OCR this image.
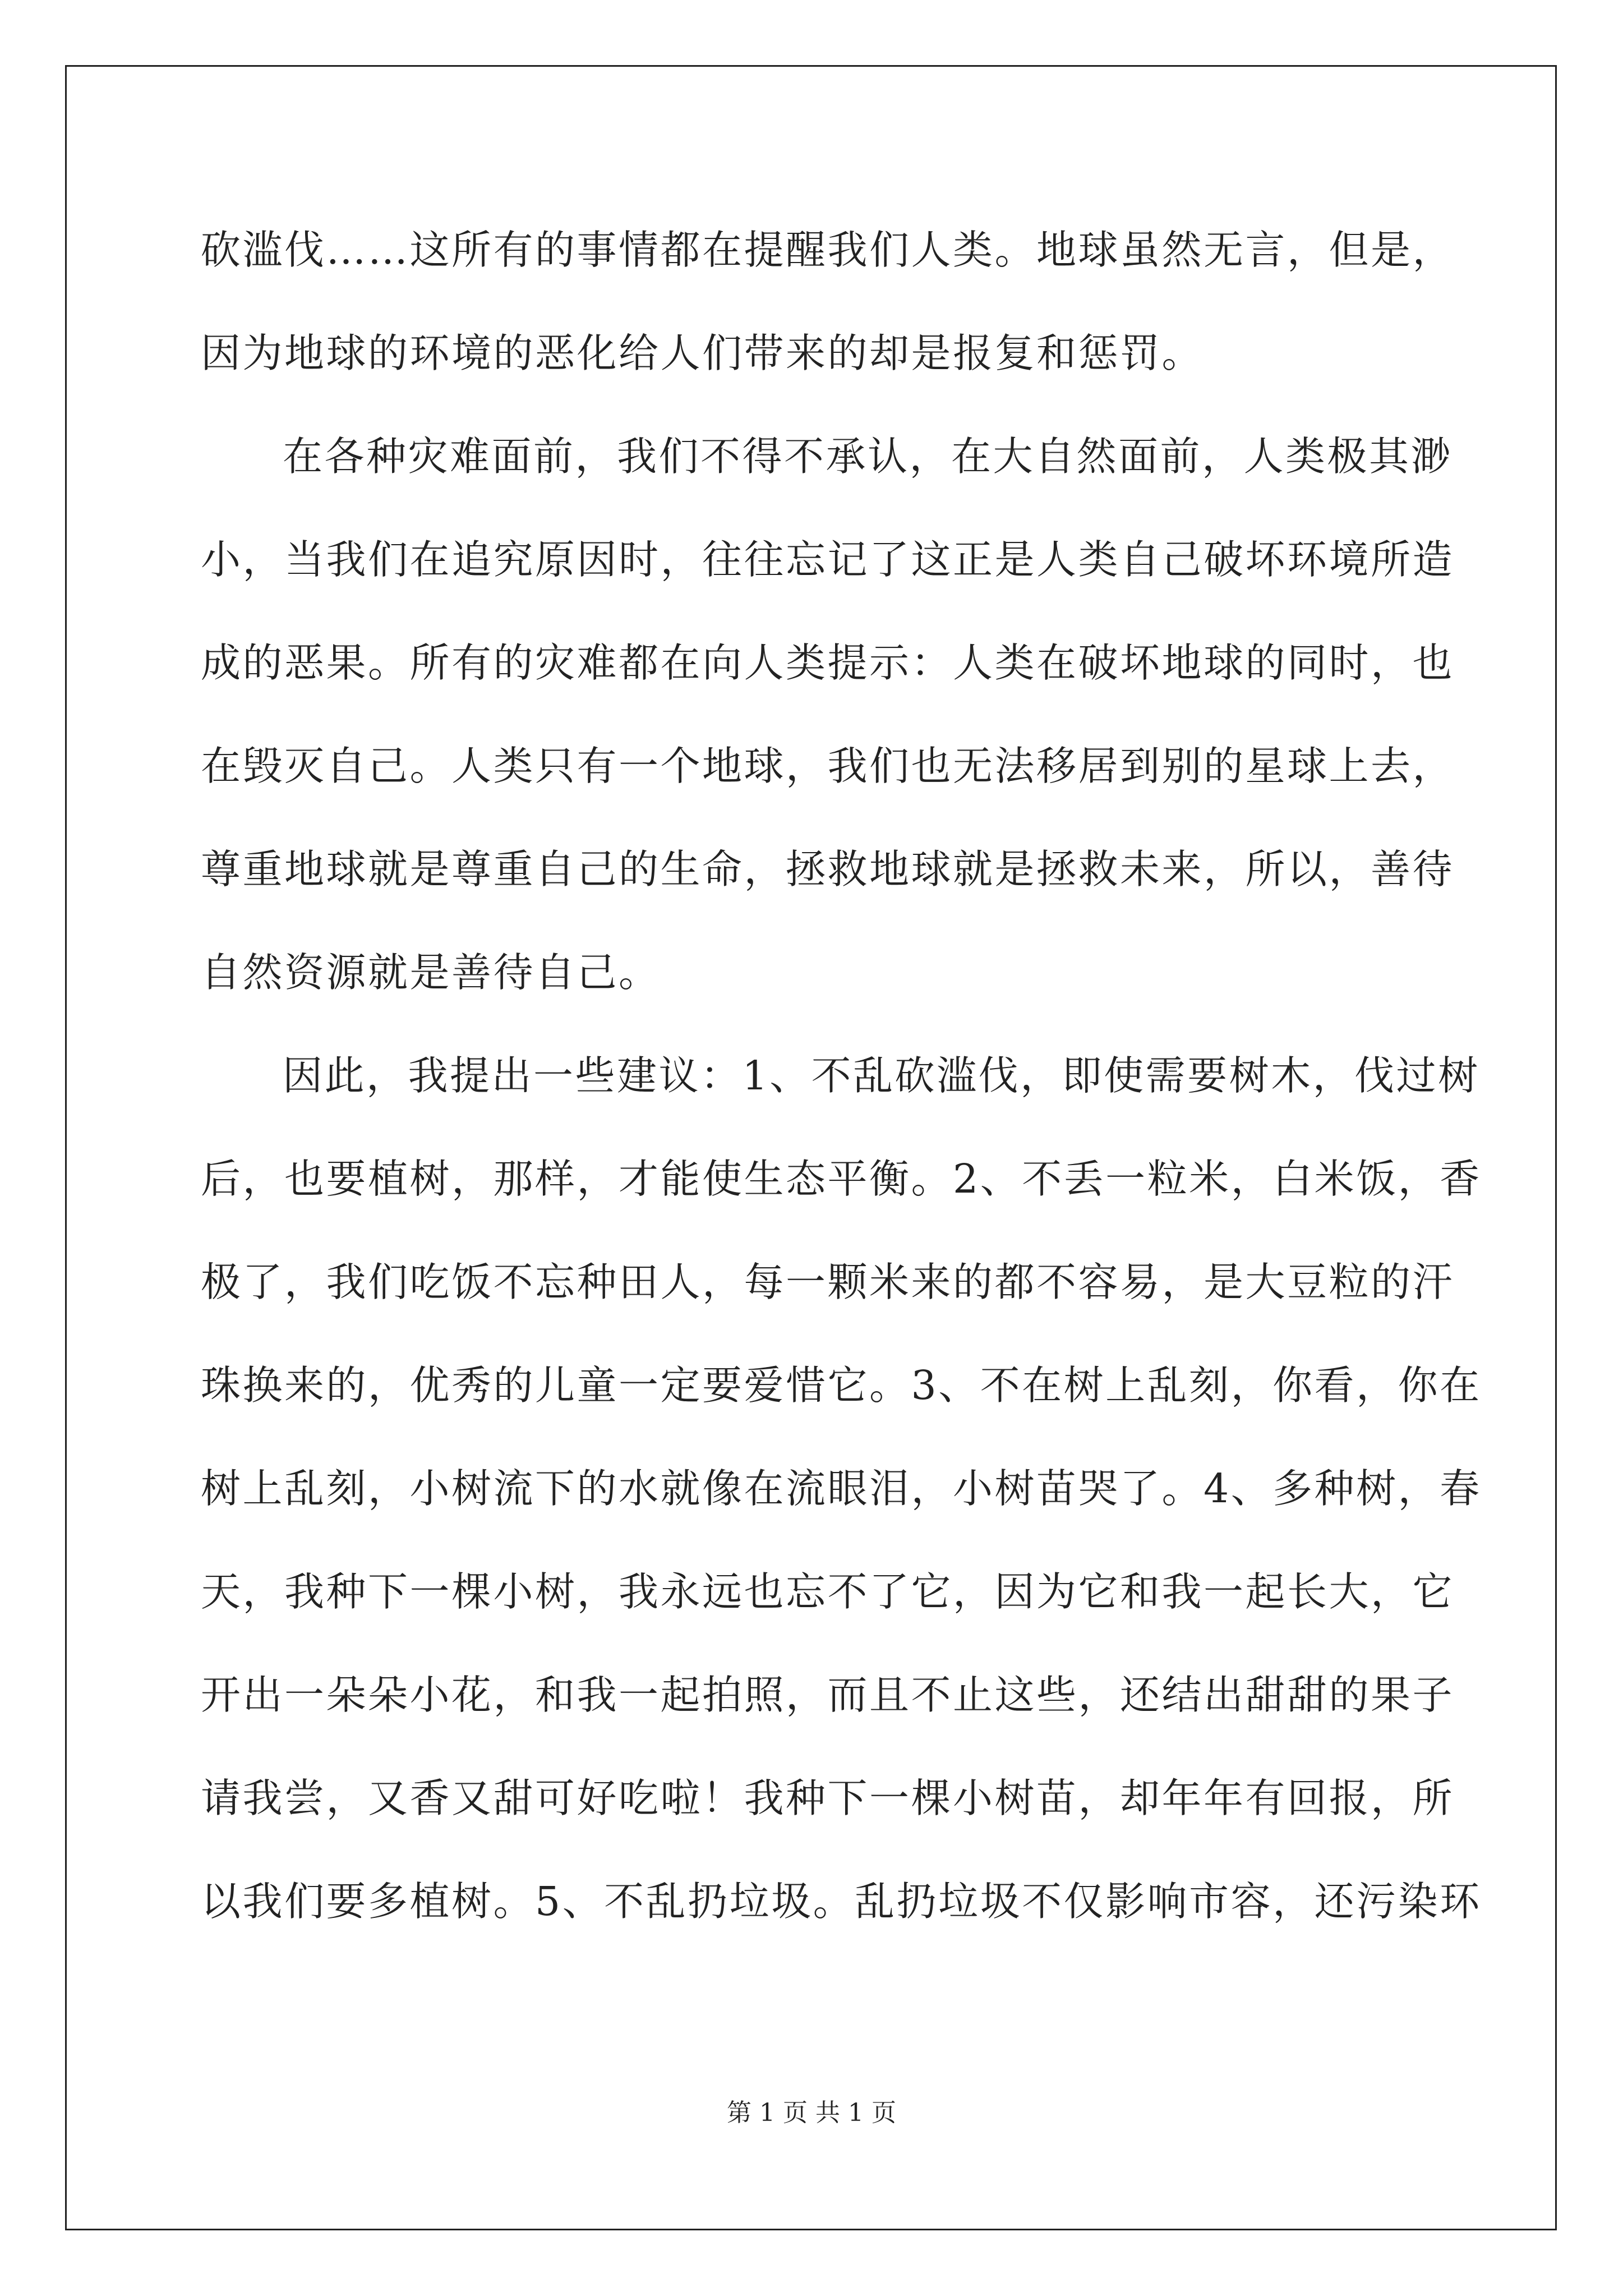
砍滥伐……这所有的事情都在提醒我们人类。地球虽然无言，但是，
因为地球的环境的恶化给人们带来的却是报复和惩罚。
在各种灾难面前，我们不得不承认，在大自然面前，人类极其渺
小，当我们在追究原因时，往往忘记了这正是人类自己破坏环境所造
成的恶果。所有的灾难都在向人类提示：人类在破坏地球的同时，也
在毁灭自己。人类只有一个地球，我们也无法移居到别的星球上去，
尊重地球就是尊重自己的生命，拯救地球就是拯救未来，所以，善待
自然资源就是善待自己。
因此，我提出一些建议：1、不乱砍滥伐，即使需要树木，伐过树
后，也要植树，那样，才能使生态平衡。2、不丢一粒米，白米饭，香
极了，我们吃饭不忘种田人，每一颗米来的都不容易，是大豆粒的汗
珠换来的，优秀的儿童一定要爱惜它。3、不在树上乱刻，你看，你在
树上乱刻，小树流下的水就像在流眼泪，小树苗哭了。4、多种树，春
天，我种下一棵小树，我永远也忘不了它，因为它和我一起长大，它
开出一朵朵小花，和我一起拍照，而且不止这些，还结出甜甜的果子
请我尝，又香又甜可好吃啦！我种下一棵小树苗，却年年有回报，所
以我们要多植树。5、不乱扔垃圾。乱扔垃圾不仅影响市容，还污染环
第 1 页 共 1 页
